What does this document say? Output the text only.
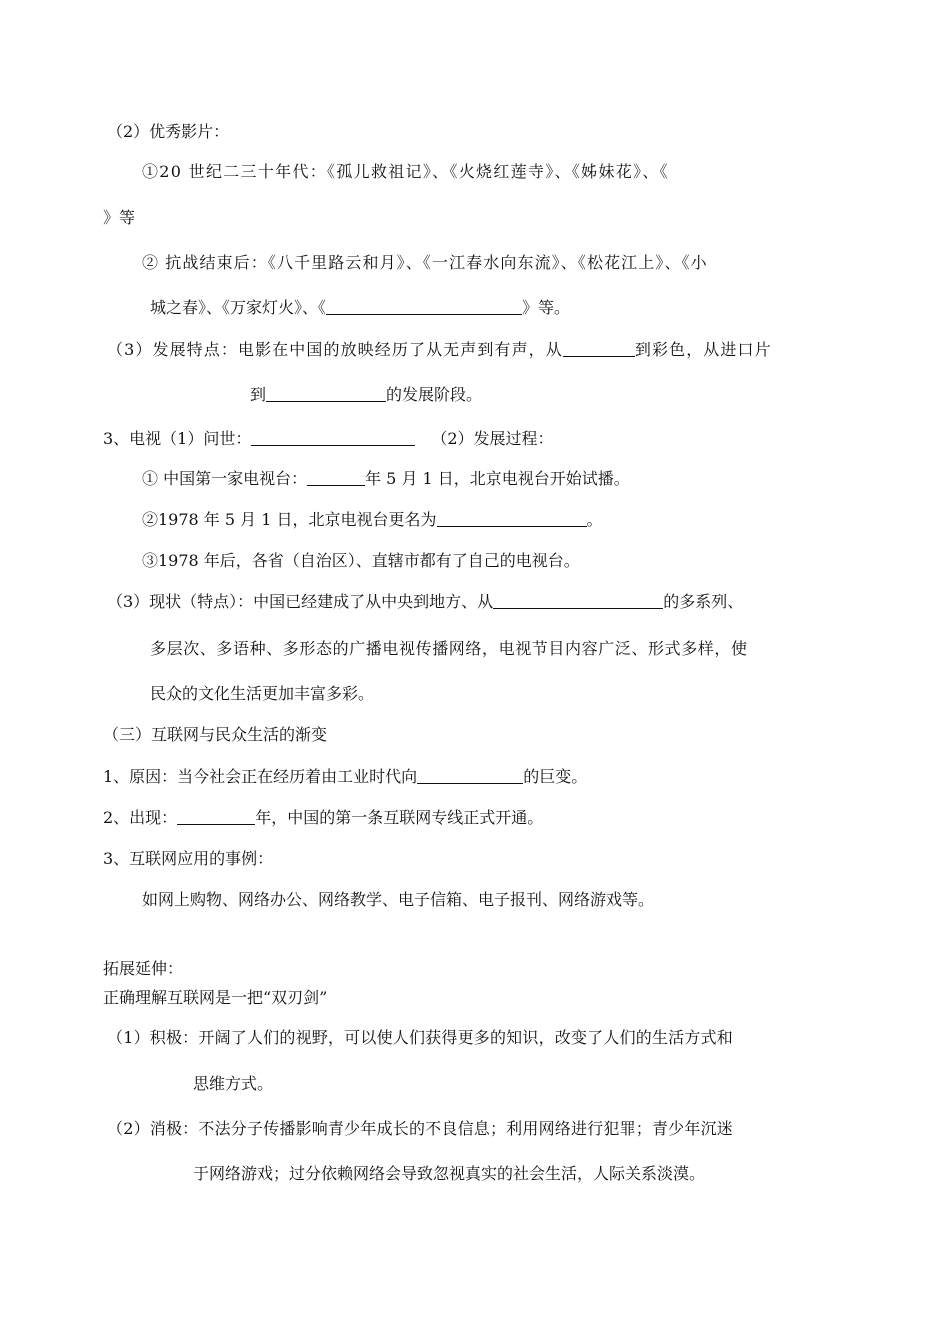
（2）优秀影片：
①20 世纪二三十年代：《孤儿救祖记》、《火烧红莲寺》、《姊妹花》、《
》等
② 抗战结束后：《八千里路云和月》、《一江春水向东流》、《松花江上》、《小
城之春》、《万家灯火》、《	》等。
（3）发展特点：电影在中国的放映经历了从无声到有声，从	到彩色，从进口片
到	的发展阶段。
3、电视（1）问世：	（2）发展过程：
① 中国第一家电视台：	年 5 月 1 日，北京电视台开始试播。
②1978 年 5 月 1 日，北京电视台更名为	。
③1978 年后，各省（自治区）、直辖市都有了自己的电视台。
（3）现状（特点）：中国已经建成了从中央到地方、从	的多系列、
多层次、多语种、多形态的广播电视传播网络，电视节目内容广泛、形式多样，使
民众的文化生活更加丰富多彩。
（三）互联网与民众生活的渐变
1、原因：当今社会正在经历着由工业时代向	的巨变。
2、出现：	年，中国的第一条互联网专线正式开通。
3、互联网应用的事例：
如网上购物、网络办公、网络教学、电子信箱、电子报刊、网络游戏等。
拓展延伸：
正确理解互联网是一把“双刃剑”
（1）积极：开阔了人们的视野，可以使人们获得更多的知识，改变了人们的生活方式和
思维方式。
（2）消极：不法分子传播影响青少年成长的不良信息；利用网络进行犯罪；青少年沉迷
于网络游戏；过分依赖网络会导致忽视真实的社会生活，人际关系淡漠。
